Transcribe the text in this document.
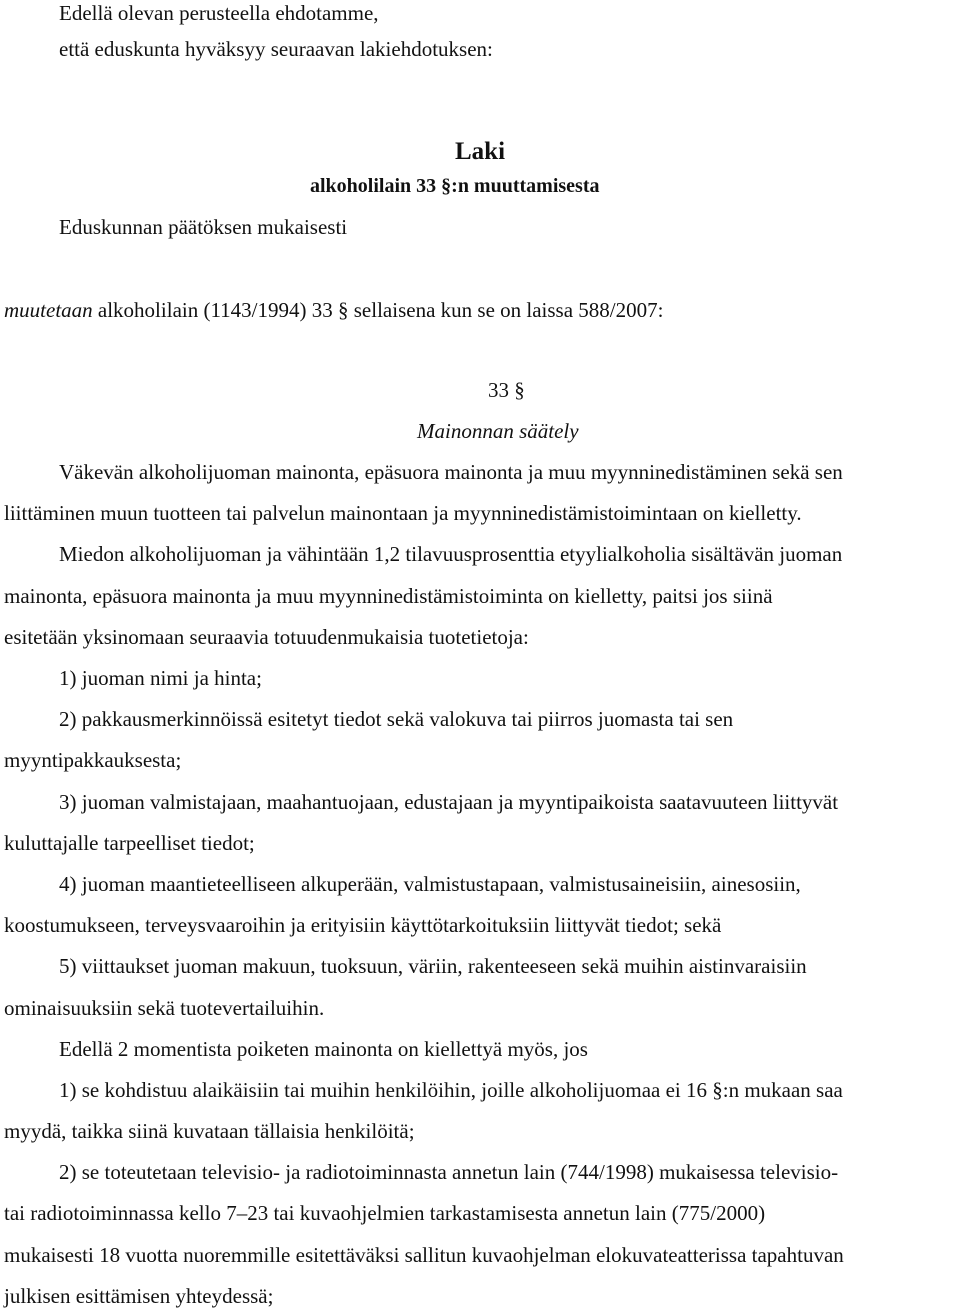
Edellä olevan perusteella ehdotamme,
että eduskunta hyväksyy seuraavan lakiehdotuksen:
Laki
alkoholilain 33 §:n muuttamisesta
Eduskunnan päätöksen mukaisesti
muutetaan alkoholilain (1143/1994) 33 § sellaisena kun se on laissa 588/2007:
33 §
Mainonnan säätely
Väkevän alkoholijuoman mainonta, epäsuora mainonta ja muu myynninedistäminen sekä sen
liittäminen muun tuotteen tai palvelun mainontaan ja myynninedistämistoimintaan on kielletty.
Miedon alkoholijuoman ja vähintään 1,2 tilavuusprosenttia etyylialkoholia sisältävän juoman
mainonta, epäsuora mainonta ja muu myynninedistämistoiminta on kielletty, paitsi jos siinä
esitetään yksinomaan seuraavia totuudenmukaisia tuotetietoja:
1) juoman nimi ja hinta;
2) pakkausmerkinnöissä esitetyt tiedot sekä valokuva tai piirros juomasta tai sen
myyntipakkauksesta;
3) juoman valmistajaan, maahantuojaan, edustajaan ja myyntipaikoista saatavuuteen liittyvät
kuluttajalle tarpeelliset tiedot;
4) juoman maantieteelliseen alkuperään, valmistustapaan, valmistusaineisiin, ainesosiin,
koostumukseen, terveysvaaroihin ja erityisiin käyttötarkoituksiin liittyvät tiedot; sekä
5) viittaukset juoman makuun, tuoksuun, väriin, rakenteeseen sekä muihin aistinvaraisiin
ominaisuuksiin sekä tuotevertailuihin.
Edellä 2 momentista poiketen mainonta on kiellettyä myös, jos
1) se kohdistuu alaikäisiin tai muihin henkilöihin, joille alkoholijuomaa ei 16 §:n mukaan saa
myydä, taikka siinä kuvataan tällaisia henkilöitä;
2) se toteutetaan televisio- ja radiotoiminnasta annetun lain (744/1998) mukaisessa televisio-
tai radiotoiminnassa kello 7–23 tai kuvaohjelmien tarkastamisesta annetun lain (775/2000)
mukaisesti 18 vuotta nuoremmille esitettäväksi sallitun kuvaohjelman elokuvateatterissa tapahtuvan
julkisen esittämisen yhteydessä;
